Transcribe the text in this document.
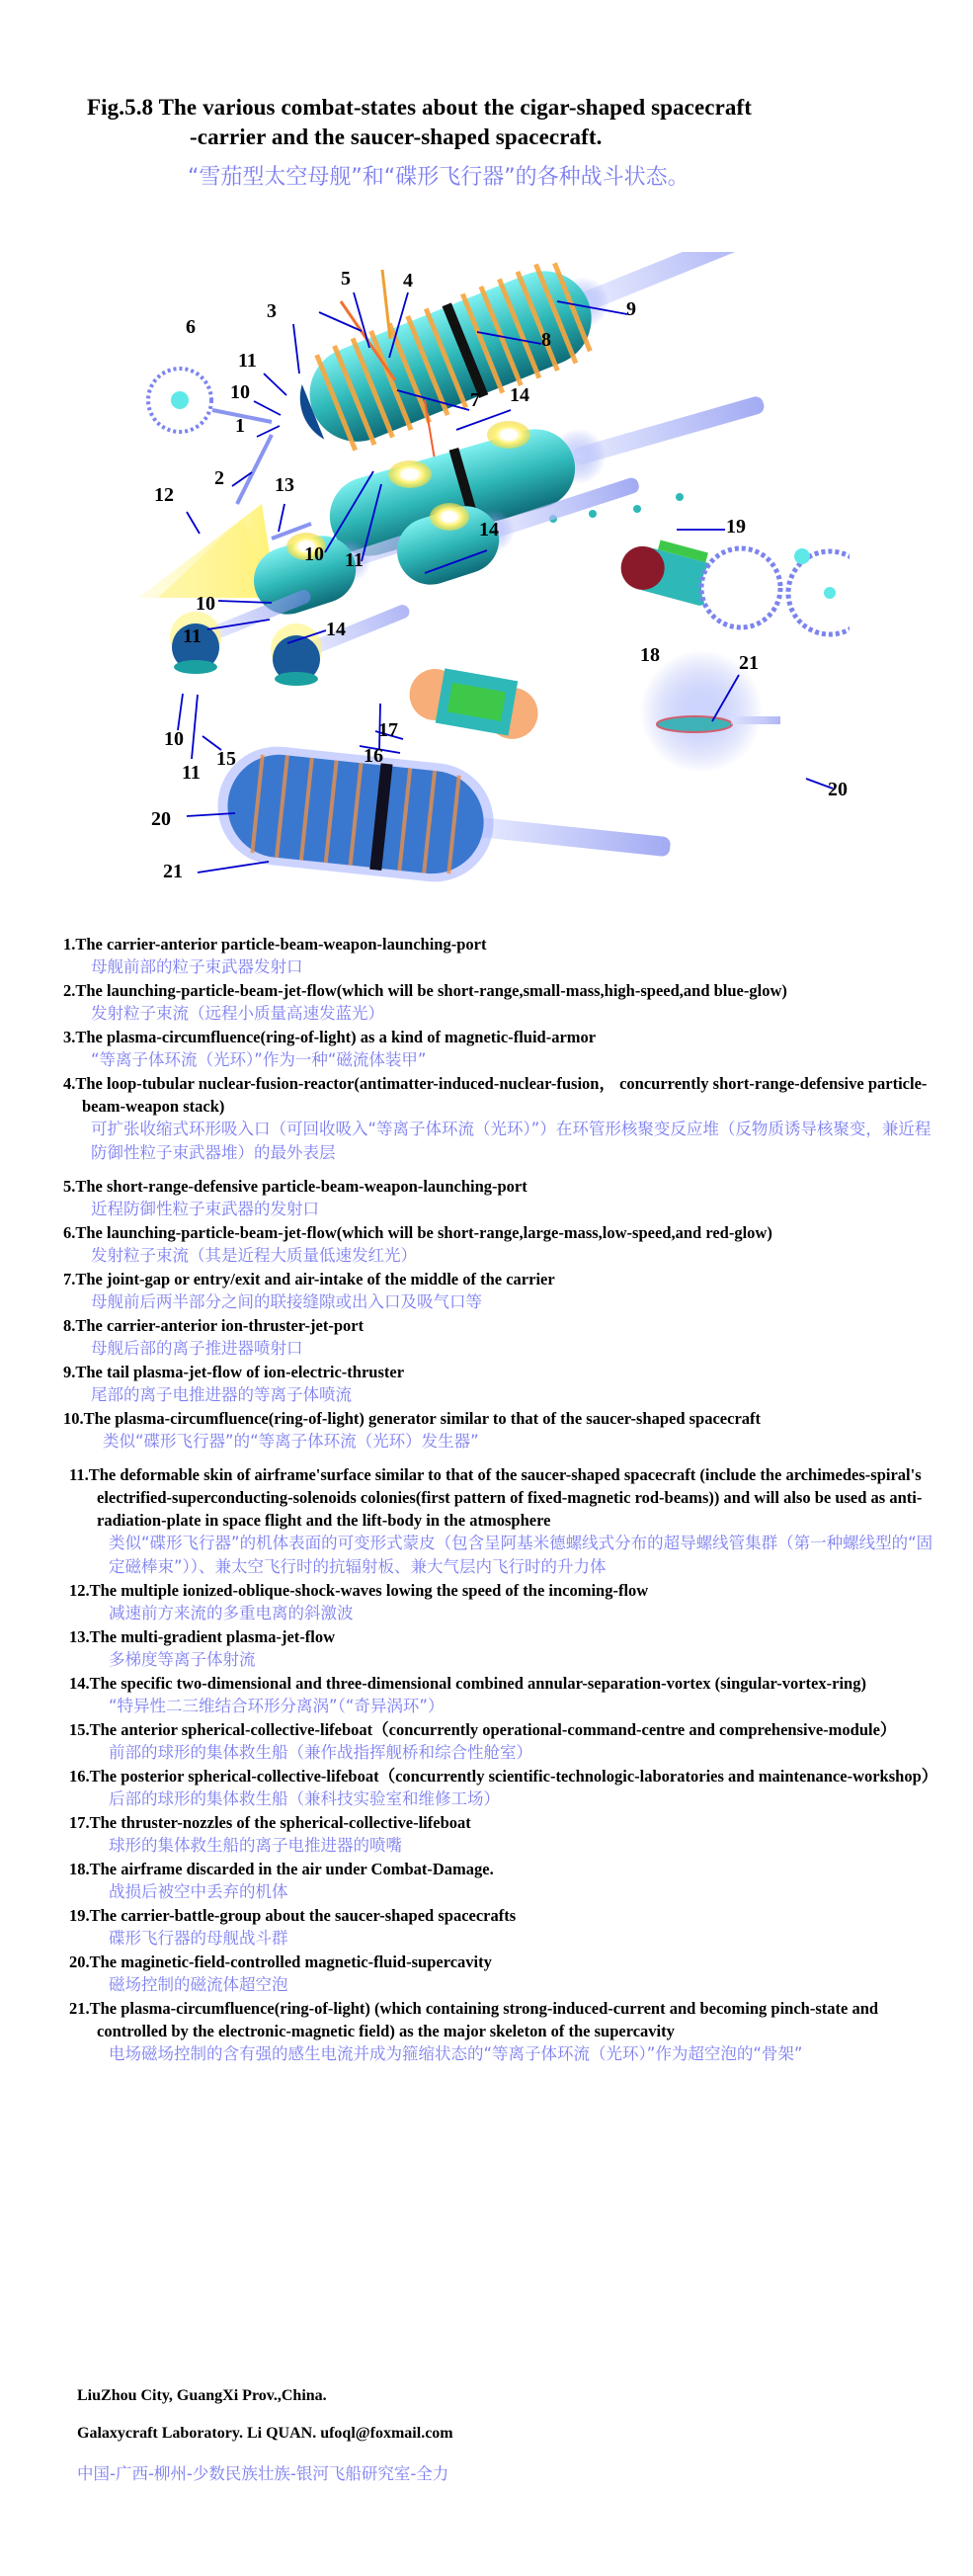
Fig.5.8 The various combat-states about the cigar-shaped spacecraft
-carrier and the saucer-shaped spacecraft.
“雪茄型太空母舰”和“碟形飞行器”的各种战斗状态。
6
5	4
3
11
10
1
2
12	13
7
8
9
14
19
10 11
14
10
11
18
14
17
16
10
11
15
21
20
20
21
1.The carrier-anterior particle-beam-weapon-launching-port
母舰前部的粒子束武器发射口
2.The launching-particle-beam-jet-flow(which will be short-range,small-mass,high-speed,and blue-glow)
发射粒子束流（远程小质量高速发蓝光）
3.The plasma-circumfluence(ring-of-light) as a kind of magnetic-fluid-armor
“等离子体环流（光环）”作为一种“磁流体装甲”
4.The loop-tubular nuclear-fusion-reactor(antimatter-induced-nuclear-fusion， concurrently short-range-defensive particle-beam-weapon stack)
可扩张收缩式环形吸入口（可回收吸入“等离子体环流（光环）”）在环管形核聚变反应堆（反物质诱导核聚变，兼近程防御性粒子束武器堆）的最外表层
5.The short-range-defensive particle-beam-weapon-launching-port
近程防御性粒子束武器的发射口
6.The launching-particle-beam-jet-flow(which will be short-range,large-mass,low-speed,and red-glow)
发射粒子束流（其是近程大质量低速发红光）
7.The joint-gap or entry/exit and air-intake of the middle of the carrier
母舰前后两半部分之间的联接缝隙或出入口及吸气口等
8.The carrier-anterior ion-thruster-jet-port
母舰后部的离子推进器喷射口
9.The tail plasma-jet-flow of ion-electric-thruster
尾部的离子电推进器的等离子体喷流
10.The plasma-circumfluence(ring-of-light) generator similar to that of the saucer-shaped spacecraft
类似“碟形飞行器”的“等离子体环流（光环）发生器”
11.The deformable skin of airframe'surface similar to that of the saucer-shaped spacecraft (include the archimedes-spiral's electrified-superconducting-solenoids colonies(first pattern of fixed-magnetic rod-beams)) and will also be used as anti-radiation-plate in space flight and the lift-body in the atmosphere
类似“碟形飞行器”的机体表面的可变形式蒙皮（包含呈阿基米德螺线式分布的超导螺线管集群（第一种螺线型的“固定磁棒束”））、兼太空飞行时的抗辐射板、兼大气层内飞行时的升力体
12.The multiple ionized-oblique-shock-waves lowing the speed of the incoming-flow
减速前方来流的多重电离的斜激波
13.The multi-gradient plasma-jet-flow
多梯度等离子体射流
14.The specific two-dimensional and three-dimensional combined annular-separation-vortex (singular-vortex-ring)
“特异性二三维结合环形分离涡”（“奇异涡环”）
15.The anterior spherical-collective-lifeboat（concurrently operational-command-centre and comprehensive-module）
前部的球形的集体救生船（兼作战指挥舰桥和综合性舱室）
16.The posterior spherical-collective-lifeboat（concurrently scientific-technologic-laboratories and maintenance-workshop）
后部的球形的集体救生船（兼科技实验室和维修工场）
17.The thruster-nozzles of the spherical-collective-lifeboat
球形的集体救生船的离子电推进器的喷嘴
18.The airframe discarded in the air under Combat-Damage.
战损后被空中丢弃的机体
19.The carrier-battle-group about the saucer-shaped spacecrafts
碟形飞行器的母舰战斗群
20.The maginetic-field-controlled magnetic-fluid-supercavity
磁场控制的磁流体超空泡
21.The plasma-circumfluence(ring-of-light) (which containing strong-induced-current and becoming pinch-state and controlled by the electronic-magnetic field) as the major skeleton of the supercavity
电场磁场控制的含有强的感生电流并成为箍缩状态的“等离子体环流（光环）”作为超空泡的“骨架”
LiuZhou City, GuangXi Prov.,China.
Galaxycraft Laboratory. Li QUAN. ufoql@foxmail.com
中国-广西-柳州-少数民族壮族-银河飞船研究室-全力
